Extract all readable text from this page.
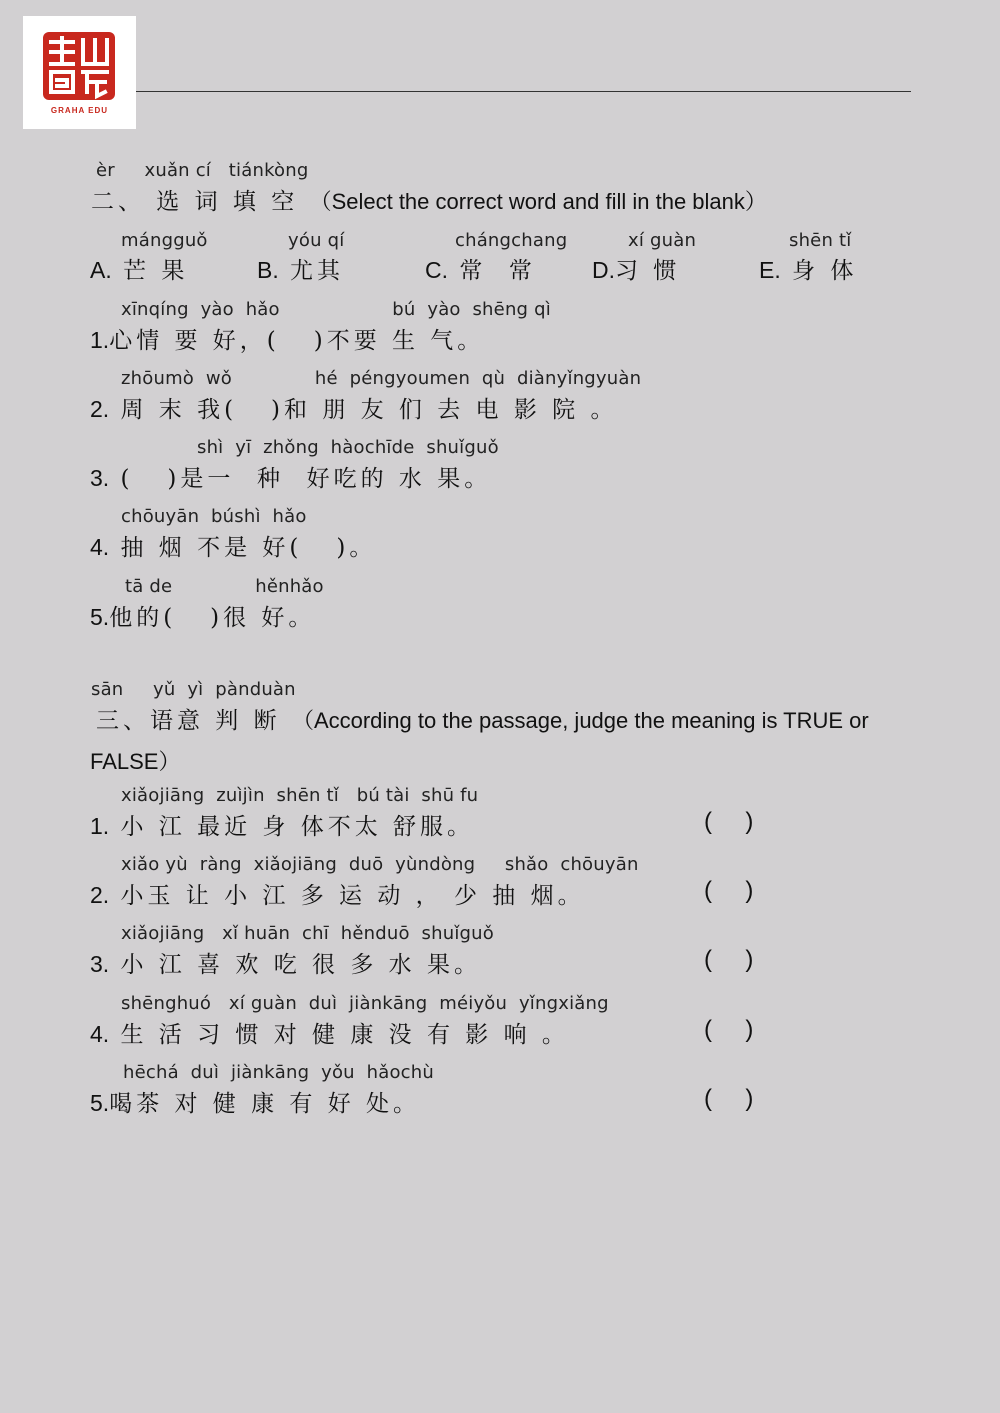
GRAHA EDU
èr     xuǎn cí   tiánkòng
二、 选 词 填 空 （Select the correct word and fill in the blank）
mángguǒ
A. 芒 果
yóu qí
B. 尤其
chángchang
C. 常  常
xí guàn
D.习 惯
shēn tǐ
E. 身 体
xīnqíng  yào  hǎo                   bú  yào  shēng qì
1.心情 要 好，(   )不要 生 气。
zhōumò  wǒ              hé  péngyoumen  qù  diànyǐngyuàn
2. 周 末 我(   )和 朋 友 们 去 电 影 院 。
shì  yī  zhǒng  hàochīde  shuǐguǒ
3. (   )是一  种  好吃的 水 果。
chōuyān  búshì  hǎo
4. 抽 烟 不是 好(   )。
tā de              hěnhǎo
5.他的(   )很 好。
sān     yǔ  yì  pànduàn
三、语意 判 断 （According to the passage, judge the meaning is TRUE or
FALSE）
xiǎojiāng  zuìjìn  shēn tǐ   bú tài  shū fu
1. 小 江 最近 身 体不太 舒服。	(     )
xiǎo yù  ràng  xiǎojiāng  duō  yùndòng     shǎo  chōuyān
2. 小玉 让 小 江 多 运 动 ， 少 抽 烟。	(     )
xiǎojiāng   xǐ huān  chī  hěnduō  shuǐguǒ
3. 小 江 喜 欢 吃 很 多 水 果。	(     )
shēnghuó   xí guàn  duì  jiànkāng  méiyǒu  yǐngxiǎng
4. 生 活 习 惯 对 健 康 没 有 影 响 。	(     )
hēchá  duì  jiànkāng  yǒu  hǎochù
5.喝茶 对 健 康 有 好 处。	(     )
